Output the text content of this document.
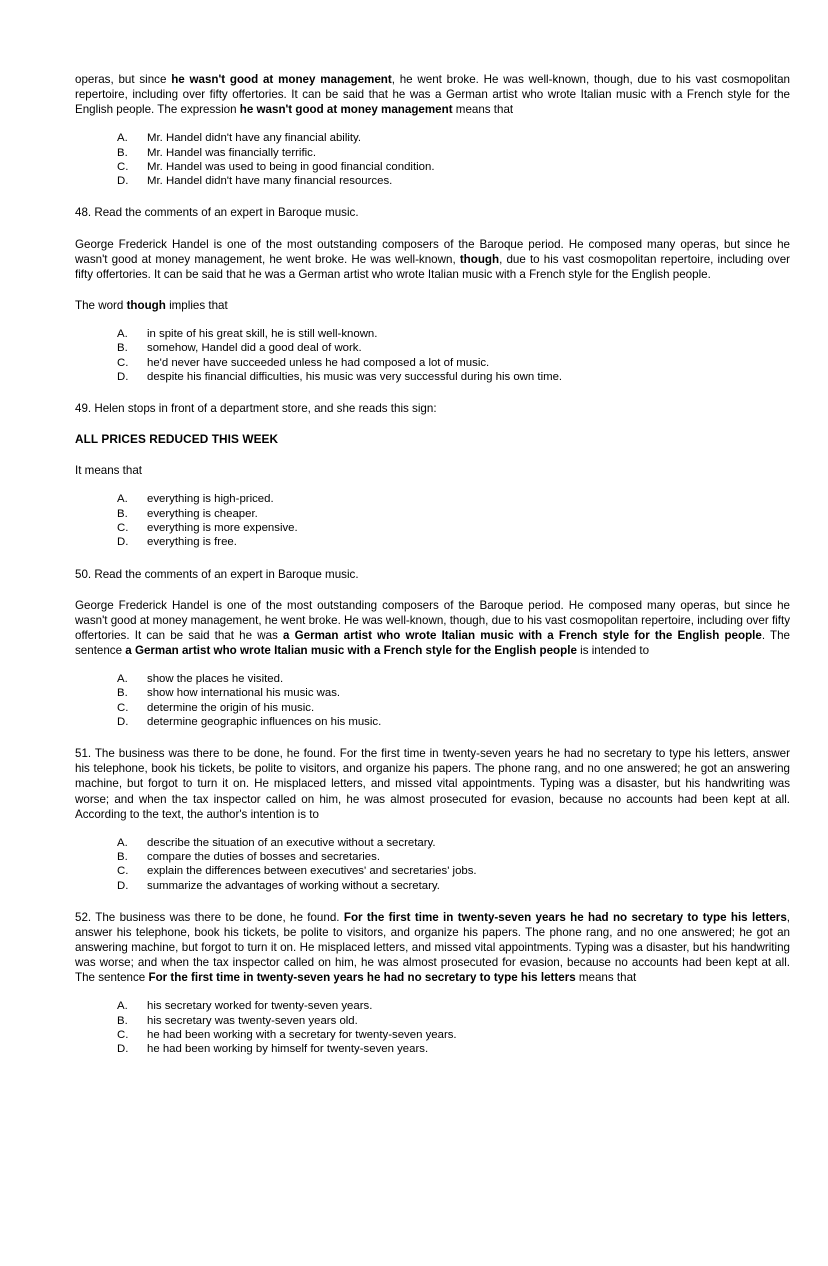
operas, but since he wasn't good at money management, he went broke. He was well-known, though, due to his vast cosmopolitan repertoire, including over fifty offertories. It can be said that he was a German artist who wrote Italian music with a French style for the English people. The expression he wasn't good at money management means that

A.	Mr. Handel didn't have any financial ability.
B.	Mr. Handel was financially terrific.
C.	Mr. Handel was used to being in good financial condition.
D.	Mr. Handel didn't have many financial resources.

48. Read the comments of an expert in Baroque music.

George Frederick Handel is one of the most outstanding composers of the Baroque period. He composed many operas, but since he wasn't good at money management, he went broke. He was well-known, though, due to his vast cosmopolitan repertoire, including over fifty offertories. It can be said that he was a German artist who wrote Italian music with a French style for the English people.

The word though implies that

A.	in spite of his great skill, he is still well-known.
B.	somehow, Handel did a good deal of work.
C.	he'd never have succeeded unless he had composed a lot of music.
D.	despite his financial difficulties, his music was very successful during his own time.

49. Helen stops in front of a department store, and she reads this sign:

ALL PRICES REDUCED THIS WEEK

It means that

A.	everything is high-priced.
B.	everything is cheaper.
C.	everything is more expensive.
D.	everything is free.

50. Read the comments of an expert in Baroque music.

George Frederick Handel is one of the most outstanding composers of the Baroque period. He composed many operas, but since he wasn't good at money management, he went broke. He was well-known, though, due to his vast cosmopolitan repertoire, including over fifty offertories. It can be said that he was a German artist who wrote Italian music with a French style for the English people. The sentence a German artist who wrote Italian music with a French style for the English people is intended to

A.	show the places he visited.
B.	show how international his music was.
C.	determine the origin of his music.
D.	determine geographic influences on his music.

51. The business was there to be done, he found. For the first time in twenty-seven years he had no secretary to type his letters, answer his telephone, book his tickets, be polite to visitors, and organize his papers. The phone rang, and no one answered; he got an answering machine, but forgot to turn it on. He misplaced letters, and missed vital appointments. Typing was a disaster, but his handwriting was worse; and when the tax inspector called on him, he was almost prosecuted for evasion, because no accounts had been kept at all. According to the text, the author's intention is to

A.	describe the situation of an executive without a secretary.
B.	compare the duties of bosses and secretaries.
C.	explain the differences between executives' and secretaries' jobs.
D.	summarize the advantages of working without a secretary.

52. The business was there to be done, he found. For the first time in twenty-seven years he had no secretary to type his letters, answer his telephone, book his tickets, be polite to visitors, and organize his papers. The phone rang, and no one answered; he got an answering machine, but forgot to turn it on. He misplaced letters, and missed vital appointments. Typing was a disaster, but his handwriting was worse; and when the tax inspector called on him, he was almost prosecuted for evasion, because no accounts had been kept at all. The sentence For the first time in twenty-seven years he had no secretary to type his letters means that

A.	his secretary worked for twenty-seven years.
B.	his secretary was twenty-seven years old.
C.	he had been working with a secretary for twenty-seven years.
D.	he had been working by himself for twenty-seven years.
